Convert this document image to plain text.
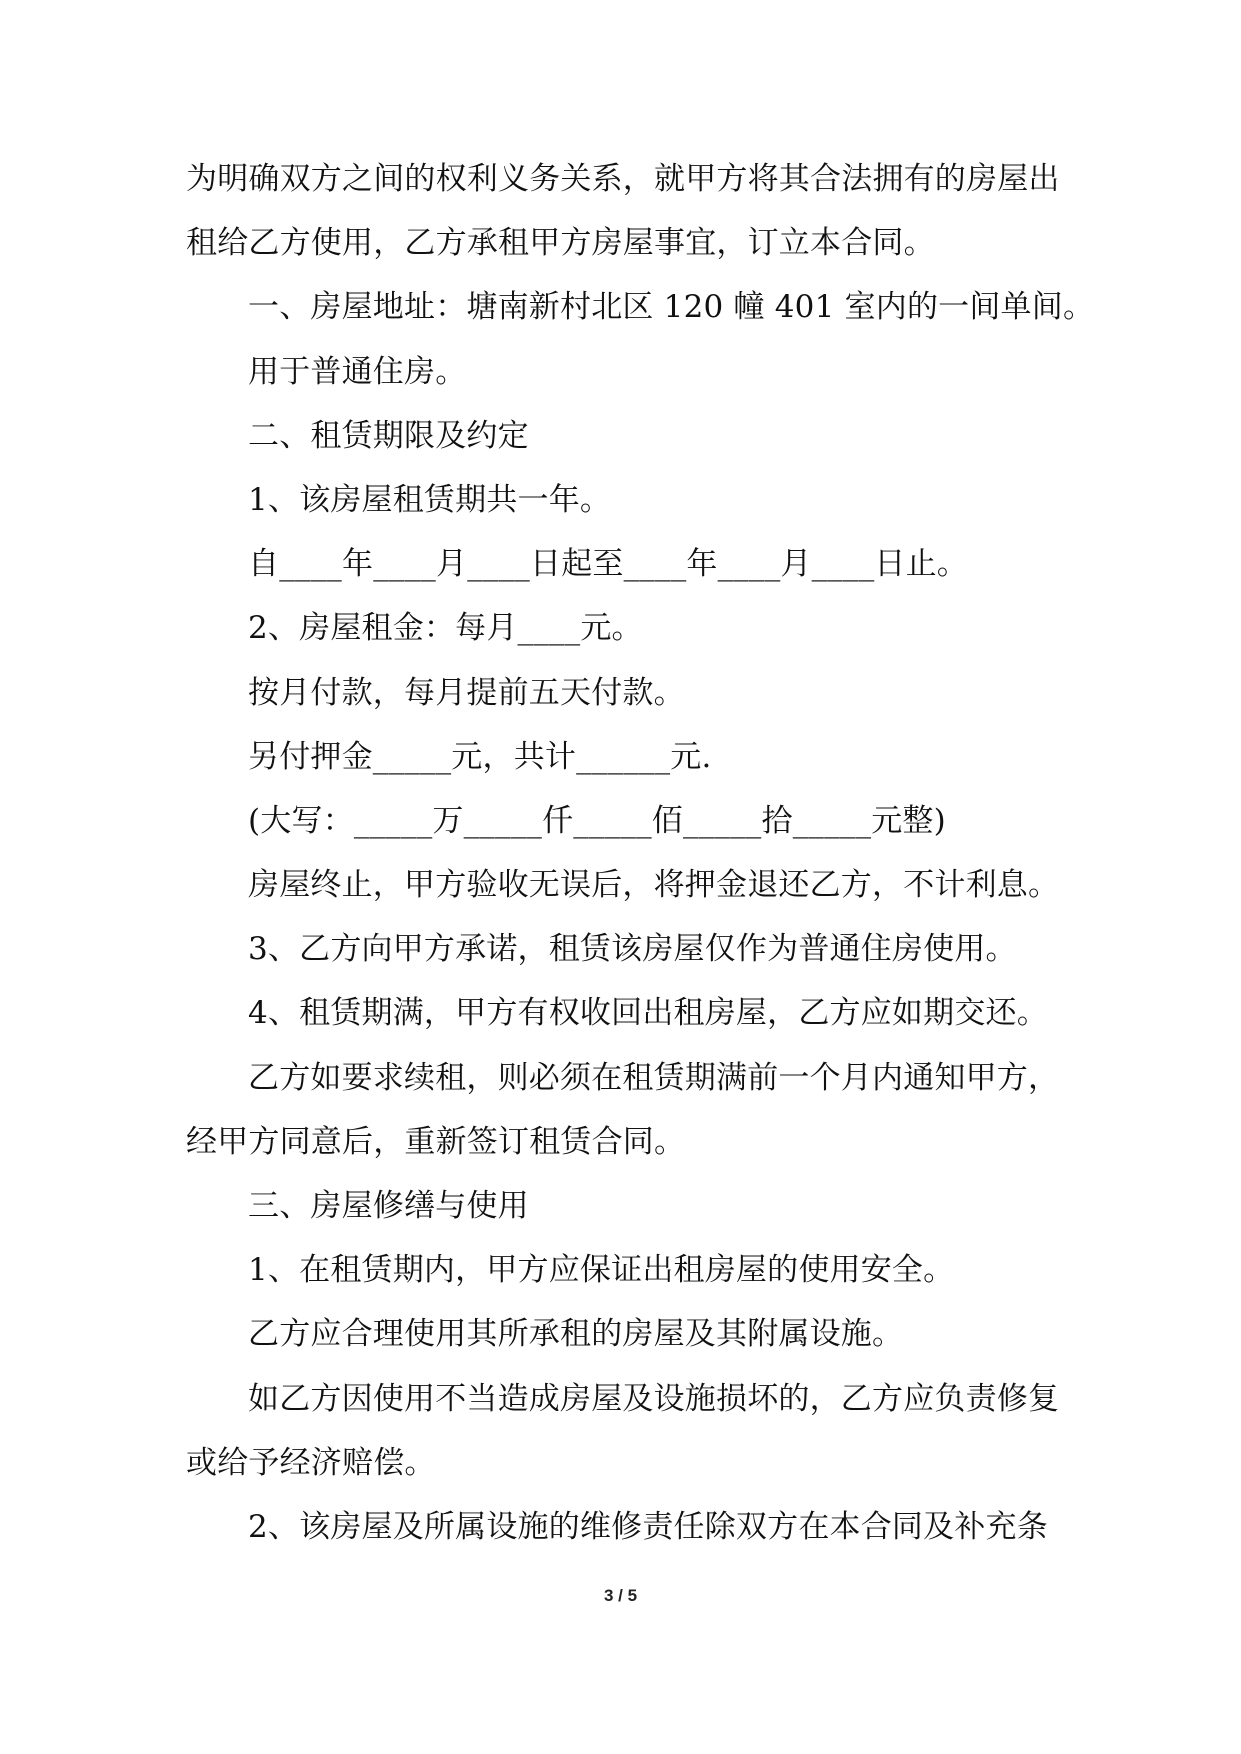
为明确双方之间的权利义务关系，就甲方将其合法拥有的房屋出
租给乙方使用，乙方承租甲方房屋事宜，订立本合同。
一、房屋地址：塘南新村北区 120 幢 401 室内的一间单间。
用于普通住房。
二、租赁期限及约定
1、该房屋租赁期共一年。
自____年____月____日起至____年____月____日止。
2、房屋租金：每月____元。
按月付款，每月提前五天付款。
另付押金_____元，共计______元.
(大写：_____万_____仟_____佰_____拾_____元整)
房屋终止，甲方验收无误后，将押金退还乙方，不计利息。
3、乙方向甲方承诺，租赁该房屋仅作为普通住房使用。
4、租赁期满，甲方有权收回出租房屋，乙方应如期交还。
乙方如要求续租，则必须在租赁期满前一个月内通知甲方，
经甲方同意后，重新签订租赁合同。
三、房屋修缮与使用
1、在租赁期内，甲方应保证出租房屋的使用安全。
乙方应合理使用其所承租的房屋及其附属设施。
如乙方因使用不当造成房屋及设施损坏的，乙方应负责修复
或给予经济赔偿。
2、该房屋及所属设施的维修责任除双方在本合同及补充条
3 / 5
